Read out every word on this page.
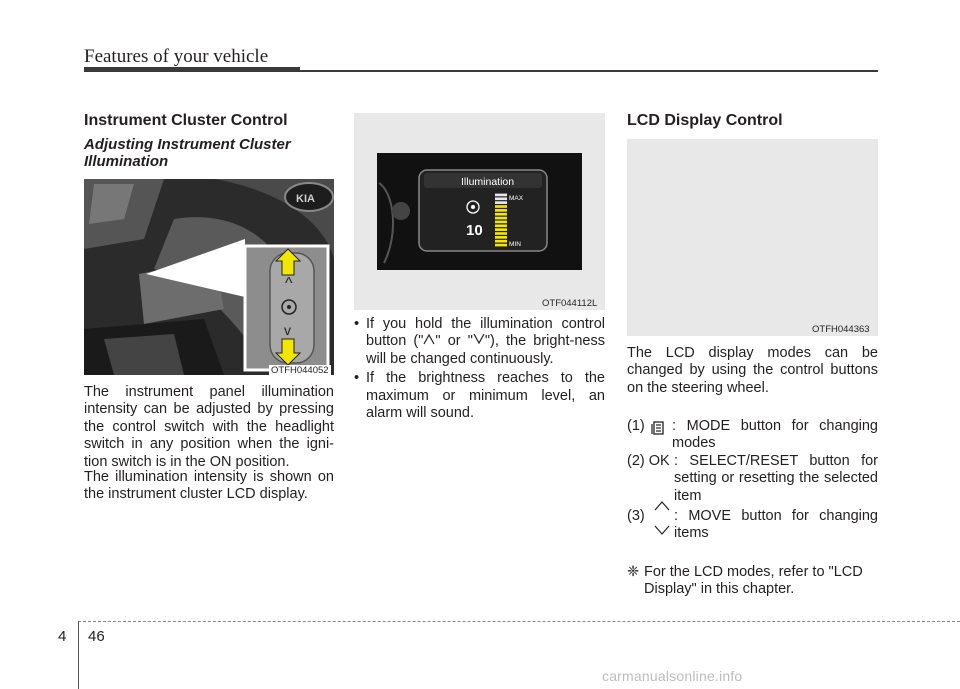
Features of your vehicle
Instrument Cluster Control
Adjusting Instrument Cluster Illumination
KIA
^
v
OTFH044052

The instrument panel illumination intensity can be adjusted by pressing the control switch with the headlight switch in any position when the igni-tion switch is in the ON position.

The illumination intensity is shown on the instrument cluster LCD display.

Illumination
10
MAX
MIN
OTF044112L
• If you hold the illumination control button (" " or " "), the bright-ness will be changed continuously.
• If the brightness reaches to the maximum or minimum level, an alarm will sound.
LCD Display Control
OTFH044363

The LCD display modes can be changed by using the control buttons on the steering wheel.

(1) : MODE button for changing modes
(2) OK : SELECT/RESET button for setting or resetting the selected item
(3) : MOVE button for changing items
❈ For the LCD modes, refer to "LCD Display" in this chapter.
4 46
carmanualsonline.info
